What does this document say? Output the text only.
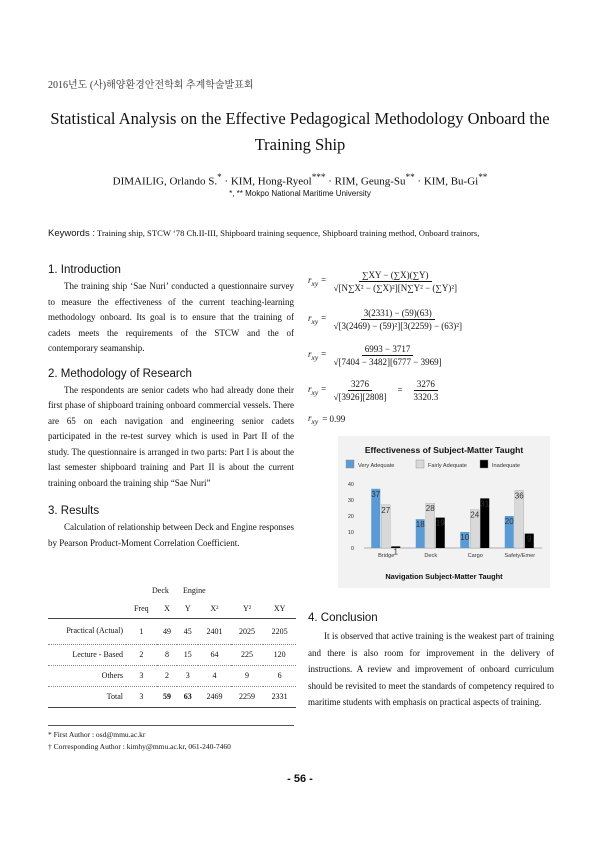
2016년도 (사)해양환경안전학회 추계학술발표회
Statistical Analysis on the Effective Pedagogical Methodology Onboard the Training Ship
DIMAILIG, Orlando S.* · KIM, Hong-Ryeol*** · RIM, Geung-Su** · KIM, Bu-Gi**
*, ** Mokpo National Maritime University
Keywords : Training ship, STCW ‘78 Ch.II-III, Shipboard training sequence, Shipboard training method, Onboard trainors,
1. Introduction

The training ship ‘Sae Nuri’ conducted a questionnaire survey to measure the effectiveness of the current teaching-learning methodology onboard. Its goal is to ensure that the training of cadets meets the requirements of the STCW and the of contemporary seamanship.

2. Methodology of Research

The respondents are senior cadets who had already done their first phase of shipboard training onboard commercial vessels. There are 65 on each navigation and engineering senior cadets participated in the re-test survey which is used in Part II of the study. The questionnaire is arranged in two parts: Part I is about the last semester shipboard training and Part II is about the current training onboard the training ship “Sae Nuri”

3. Results

Calculation of relationship between Deck and Engine responses by Pearson Product-Moment Correlation Coefficient.

Deck Engine
	Freq	X	Y	X²	Y²	XY
Practical (Actual)	1	49	45	2401	2025	2205
Lecture - Based	2	8	15	64	225	120
Others	3	2	3	4	9	6
Total	3	59	63	2469	2259	2331
$r_{xy} = \frac{\sum XY - (\sum X)(\sum Y)}{\text{√[N∑X² − (∑X)²][N∑Y² − (∑Y)²]}}$
$r_{xy} = \frac{3(2331) - (59)(63)}{\text{√[3(2469) − (59)²][3(2259) − (63)²]}}$
$r_{xy} = \frac{6993 - 3717}{√[7404 - 3482][6777 - 3969]}$
$r_{xy} = \frac{3276}{√[3926][2808]} = \frac{3276}{3320.3}$
$r_{xy} = 0.99$
Effectiveness of Subject-Matter Taught
Very Adequate	Fairly Adequate	Inadequate
0
10
20
30
40
37
27
1
Bridge
18
28
19
Deck
10
24
31
Cargo
20
36
9
Safety/Emer
Navigation Subject-Matter Taught
4. Conclusion

It is observed that active training is the weakest part of training and there is also room for improvement in the delivery of instructions. A review and improvement of onboard curriculum should be revisited to meet the standards of competency required to maritime students with emphasis on practical aspects of training.

* First Author : osd@mmu.ac.kr
† Corresponding Author : kimhy@mmu.ac.kr, 061-240-7460
- 56 -
